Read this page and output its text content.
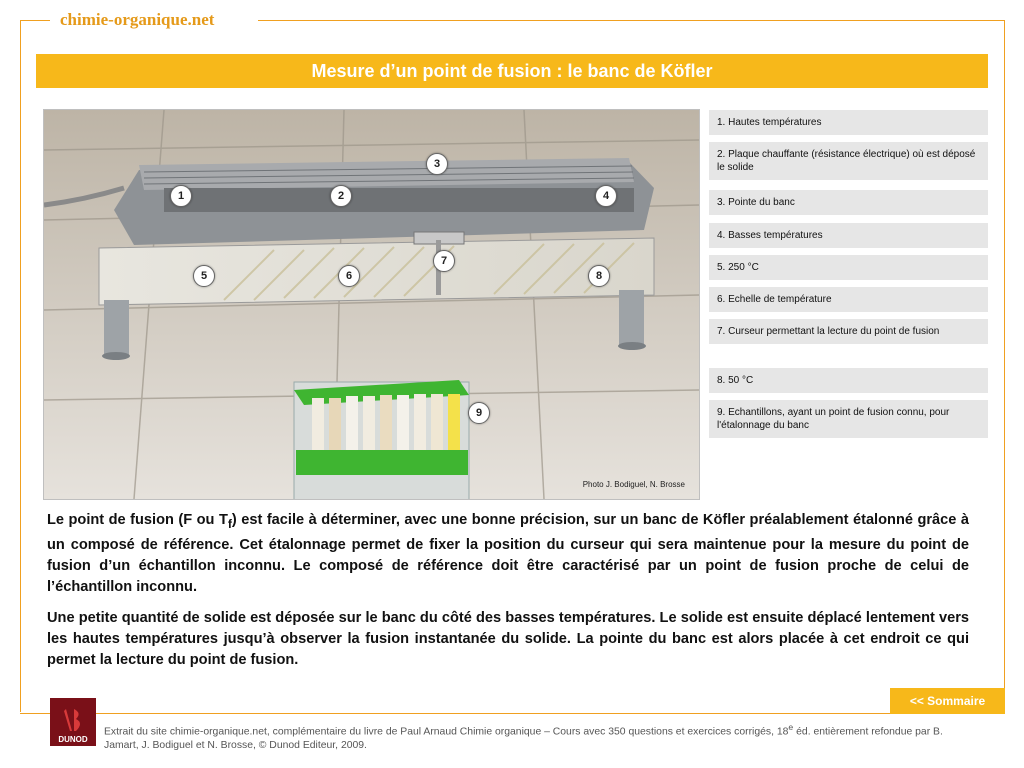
chimie-organique.net
Mesure d’un point de fusion : le banc de Köfler
1	2
3
4
5	6
7
8
9
Photo J. Bodiguel, N. Brosse
1. Hautes températures
2. Plaque chauffante (résistance électrique) où est déposé le solide
3. Pointe du banc
4. Basses températures
5. 250 °C
6. Echelle de température
7. Curseur permettant la lecture du point de fusion
8. 50 °C
9. Echantillons, ayant un point de fusion connu, pour l'étalonnage du banc

Le point de fusion (F ou $T_f$) est facile à déterminer, avec une bonne précision, sur un banc de Köfler préalablement étalonné grâce à un composé de référence. Cet étalonnage permet de fixer la position du curseur qui sera maintenue pour la mesure du point de fusion d’un échantillon inconnu. Le composé de référence doit être caractérisé par un point de fusion proche de celui de l’échantillon inconnu.

Une petite quantité de solide est déposée sur le banc du côté des basses températures. Le solide est ensuite déplacé lentement vers les hautes températures jusqu’à observer la fusion instantanée du solide. La pointe du banc est alors placée à cet endroit ce qui permet la lecture du point de fusion.

<< Sommaire
DUNOD
Extrait du site chimie-organique.net, complémentaire du livre de Paul Arnaud Chimie organique – Cours avec 350 questions et exercices corrigés, 18e éd. entièrement refondue par B. Jamart, J. Bodiguel et N. Brosse, © Dunod Editeur, 2009.
